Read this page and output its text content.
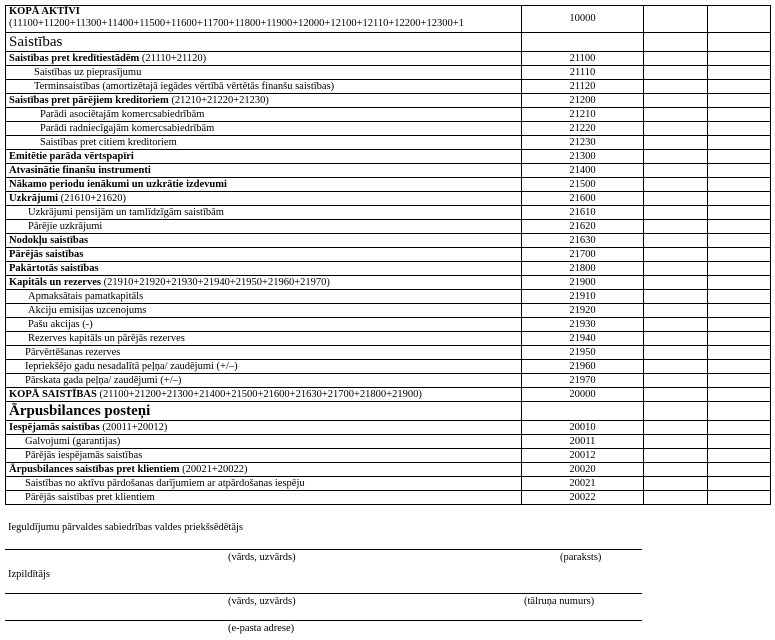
KOPĀ AKTĪVI
(11100+11200+11300+11400+11500+11600+11700+11800+11900+12000+12100+12110+12200+12300+1	10000		
Saistības			
Saistības pret kredītiestādēm (21110+21120)	21100		
Saistības uz pieprasījumu	21110		
Terminsaistības (amortizētajā iegādes vērtībā vērtētās finanšu saistības)	21120		
Saistības pret pārējiem kreditoriem (21210+21220+21230)	21200		
Parādi asociētajām komercsabiedrībām	21210		
Parādi radniecīgajām komercsabiedrībām	21220		
Saistības pret citiem kreditoriem	21230		
Emitētie parāda vērtspapīri	21300		
Atvasinātie finanšu instrumenti	21400		
Nākamo periodu ienākumi un uzkrātie izdevumi	21500		
Uzkrājumi (21610+21620)	21600		
Uzkrājumi pensijām un tamlīdzīgām saistībām	21610		
Pārējie uzkrājumi	21620		
Nodokļu saistības	21630		
Pārējās saistības	21700		
Pakārtotās saistības	21800		
Kapitāls un rezerves (21910+21920+21930+21940+21950+21960+21970)	21900		
Apmaksātais pamatkapitāls	21910		
Akciju emisijas uzcenojums	21920		
Pašu akcijas (-)	21930		
Rezerves kapitāls un pārējās rezerves	21940		
Pārvērtēšanas rezerves	21950		
Iepriekšējo gadu nesadalītā peļņa/ zaudējumi (+/–)	21960		
Pārskata gada peļņa/ zaudējumi (+/–)	21970		
KOPĀ SAISTĪBAS (21100+21200+21300+21400+21500+21600+21630+21700+21800+21900)	20000		
Ārpusbilances posteņi			
Iespējamās saistības (20011+20012)	20010		
Galvojumi (garantijas)	20011		
Pārējās iespējamās saistības	20012		
Ārpusbilances saistības pret klientiem (20021+20022)	20020		
Saistības no aktīvu pārdošanas darījumiem ar atpārdošanas iespēju	20021		
Pārējās saistības pret klientiem	20022		
Ieguldījumu pārvaldes sabiedrības valdes priekšsēdētājs
(vārds, uzvārds)	(paraksts)
Izpildītājs
(vārds, uzvārds)	(tālruņa numurs)
(e-pasta adrese)
